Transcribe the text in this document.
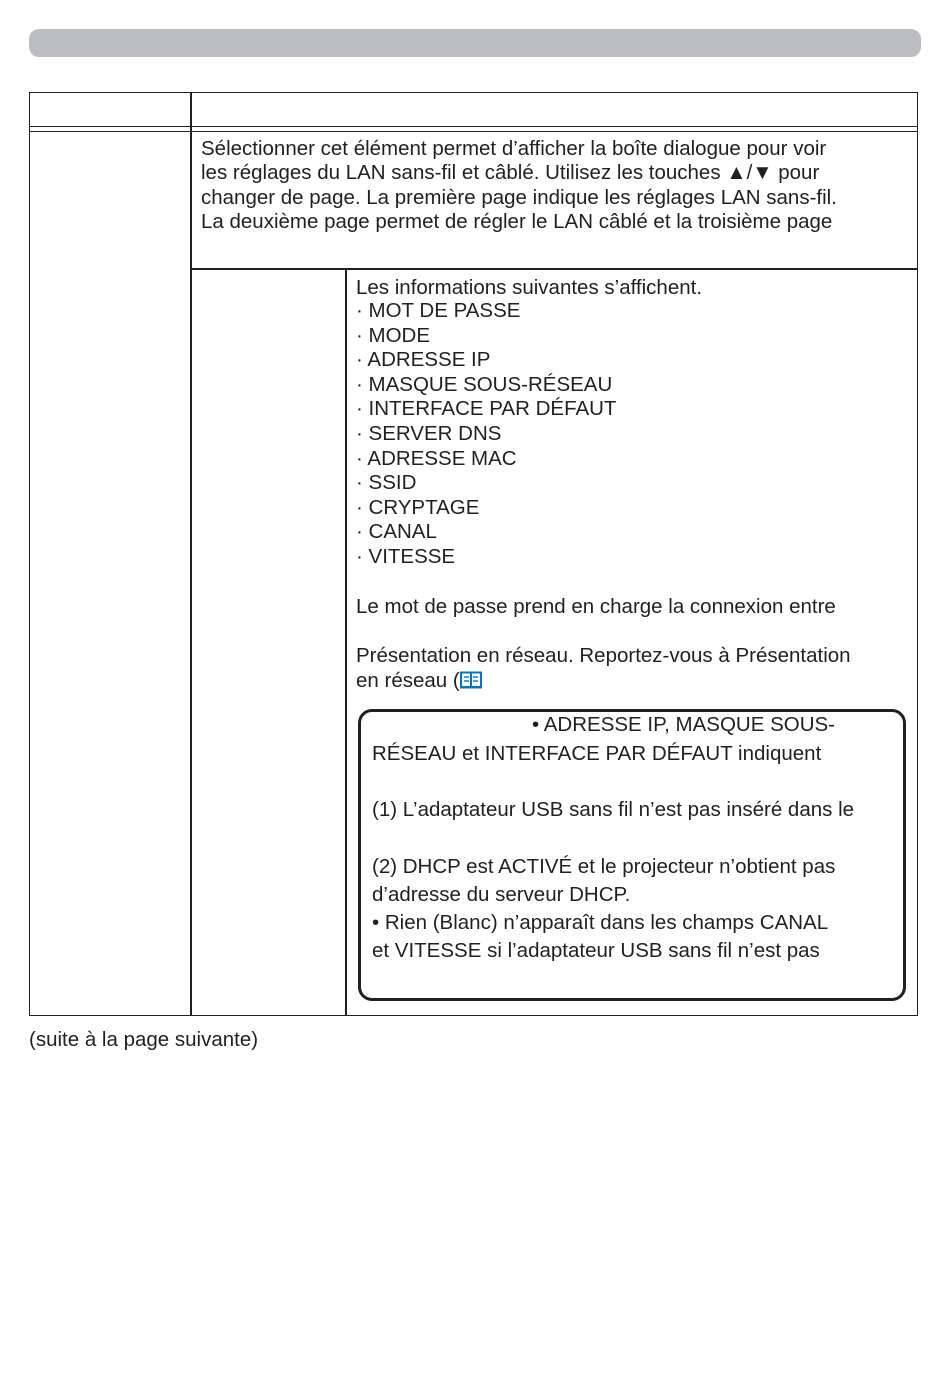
Sélectionner cet élément permet d’afficher la boîte dialogue pour voir
les réglages du LAN sans-fil et câblé. Utilisez les touches ▲/▼ pour
changer de page. La première page indique les réglages LAN sans-fil.
La deuxième page permet de régler le LAN câblé et la troisième page
Les informations suivantes s’affichent.
· MOT DE PASSE
· MODE
· ADRESSE IP
· MASQUE SOUS-RÉSEAU
· INTERFACE PAR DÉFAUT
· SERVER DNS
· ADRESSE MAC
· SSID
· CRYPTAGE
· CANAL
· VITESSE
Le mot de passe prend en charge la connexion entre
Présentation en réseau. Reportez-vous à Présentation
en réseau (
• ADRESSE IP, MASQUE SOUS-
RÉSEAU et INTERFACE PAR DÉFAUT indiquent
(1) L’adaptateur USB sans fil n’est pas inséré dans le
(2) DHCP est ACTIVÉ et le projecteur n’obtient pas
d’adresse du serveur DHCP.
• Rien (Blanc) n’apparaît dans les champs CANAL
et VITESSE si l’adaptateur USB sans fil n’est pas
(suite à la page suivante)
